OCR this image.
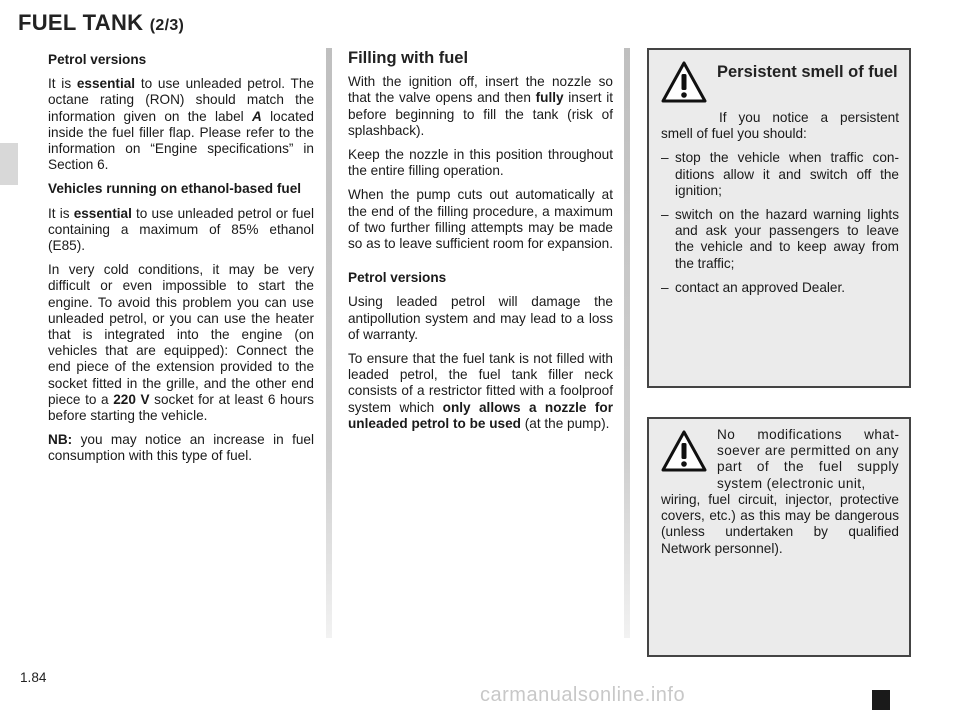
FUEL TANK (2/3)

Petrol versions

It is essential to use unleaded petrol. The octane rating (RON) should match the information given on the label A located inside the fuel filler flap. Please refer to the information on “Engine specifications” in Section 6.

Vehicles running on ethanol-based fuel

It is essential to use unleaded petrol or fuel containing a maximum of 85% ethanol (E85).

In very cold conditions, it may be very difficult or even impossible to start the engine. To avoid this problem you can use unleaded petrol, or you can use the heater that is integrated into the engine (on vehicles that are equipped): Connect the end piece of the extension provided to the socket fitted in the grille, and the other end piece to a 220 V socket for at least 6 hours before starting the vehicle.

NB: you may notice an increase in fuel consumption with this type of fuel.

Filling with fuel

With the ignition off, insert the nozzle so that the valve opens and then fully insert it before beginning to fill the tank (risk of splashback).

Keep the nozzle in this position throughout the entire filling operation.

When the pump cuts out automatically at the end of the filling procedure, a maximum of two further filling attempts may be made so as to leave sufficient room for expansion.

Petrol versions

Using leaded petrol will damage the antipollution system and may lead to a loss of warranty.

To ensure that the fuel tank is not filled with leaded petrol, the fuel tank filler neck consists of a restrictor fitted with a foolproof system which only allows a nozzle for unleaded petrol to be used (at the pump).

Persistent smell of fuel

If you notice a persistent smell of fuel you should:

– stop the vehicle when traffic conditions allow it and switch off the ignition;
– switch on the hazard warning lights and ask your passengers to leave the vehicle and to keep away from the traffic;
– contact an approved Dealer.
No modifications whatsoever are permitted on any part of the fuel supply system (electronic unit,
wiring, fuel circuit, injector, protective covers, etc.) as this may be dangerous (unless undertaken by qualified Network personnel).
1.84
carmanualsonline.info
